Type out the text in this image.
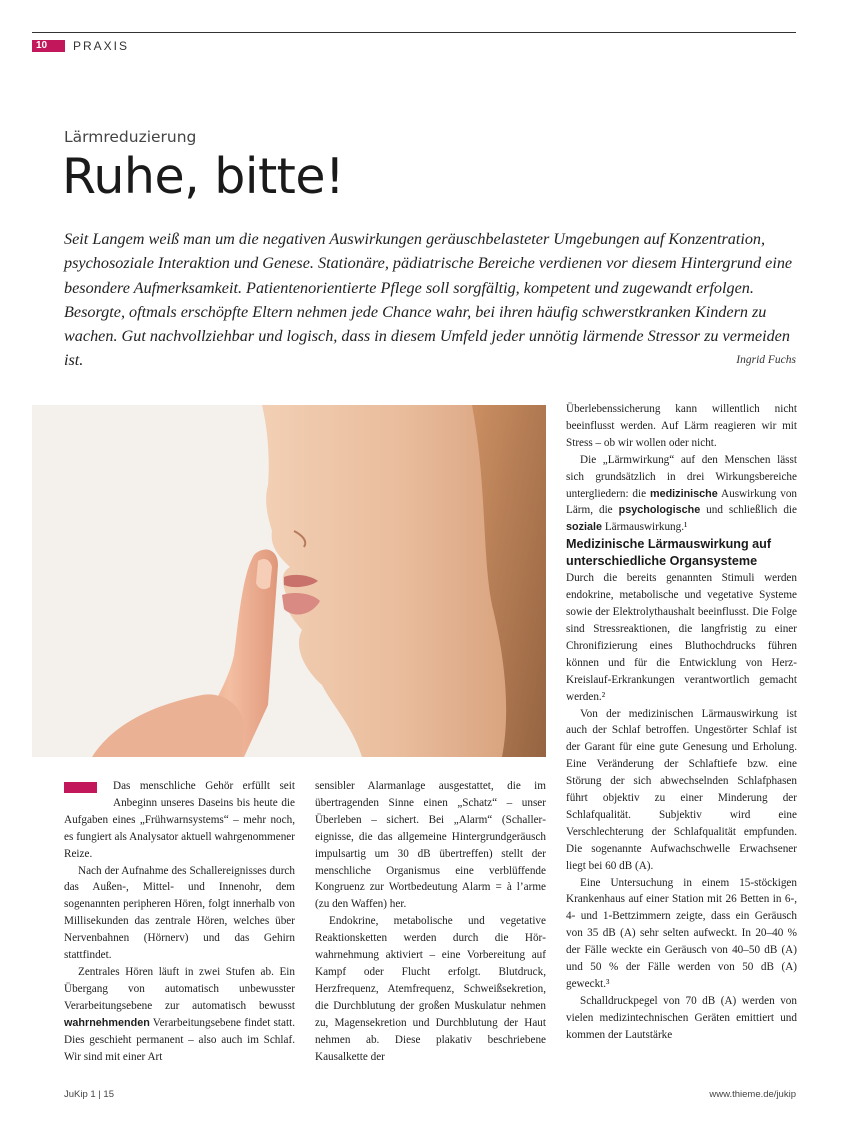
10	PRAXIS
Lärmreduzierung
Ruhe, bitte!
Seit Langem weiß man um die negativen Auswirkungen geräuschbelasteter Umgebungen auf Konzentration, psychosoziale Interaktion und Genese. Stationäre, pädiatrische Bereiche verdienen vor diesem Hintergrund eine besondere Aufmerksamkeit. Patientenorientierte Pflege soll sorgfältig, kompetent und zugewandt erfolgen. Besorgte, oftmals erschöpfte Eltern nehmen jede Chance wahr, bei ihren häufig schwerstkranken Kindern zu wachen. Gut nachvollziehbar und logisch, dass in diesem Umfeld jeder unnötig lärmende Stressor zu vermeiden ist.	Ingrid Fuchs

Das menschliche Gehör erfüllt seit Anbeginn unseres Daseins bis heute die Aufgaben eines „Frühwarnsystems“ – mehr noch, es fungiert als Analysator aktuell wahrgenommener Reize.

Nach der Aufnahme des Schallereignisses durch das Außen-, Mittel- und Innenohr, dem sogenannten peripheren Hören, folgt innerhalb von Millisekunden das zentrale Hören, welches über Nervenbahnen (Hörnerv) und das Gehirn stattfindet.

Zentrales Hören läuft in zwei Stufen ab. Ein Übergang von automatisch unbewusster Verarbeitungsebene zur automatisch bewusst wahrnehmenden Verarbeitungsebene findet statt. Dies geschieht permanent – also auch im Schlaf. Wir sind mit einer Art

sensibler Alarmanlage ausgestattet, die im übertragenden Sinne einen „Schatz“ – unser Überleben – sichert. Bei „Alarm“ (Schallereignisse, die das allgemeine Hintergrundgeräusch impulsartig um 30 dB übertreffen) stellt der menschliche Organismus eine verblüffende Kongruenz zur Wortbedeutung Alarm = à l’arme (zu den Waffen) her.

Endokrine, metabolische und vegetative Reaktionsketten werden durch die Hörwahrnehmung aktiviert – eine Vorbereitung auf Kampf oder Flucht erfolgt. Blutdruck, Herzfrequenz, Atemfrequenz, Schweißsekretion, die Durchblutung der großen Muskulatur nehmen zu, Magensekretion und Durchblutung der Haut nehmen ab. Diese plakativ beschriebene Kausalkette der

Überlebenssicherung kann willentlich nicht beeinflusst werden. Auf Lärm reagieren wir mit Stress – ob wir wollen oder nicht.

Die „Lärmwirkung“ auf den Menschen lässt sich grundsätzlich in drei Wirkungsbereiche untergliedern: die medizinische Auswirkung von Lärm, die psychologische und schließlich die soziale Lärmauswirkung.¹

Medizinische Lärmauswirkung auf unterschiedliche Organsysteme

Durch die bereits genannten Stimuli werden endokrine, metabolische und vegetative Systeme sowie der Elektrolythaushalt beeinflusst. Die Folge sind Stressreaktionen, die langfristig zu einer Chronifizierung eines Bluthochdrucks führen können und für die Entwicklung von Herz-Kreislauf-Erkrankungen verantwortlich gemacht werden.²

Von der medizinischen Lärmauswirkung ist auch der Schlaf betroffen. Ungestörter Schlaf ist der Garant für eine gute Genesung und Erholung. Eine Veränderung der Schlaftiefe bzw. eine Störung der sich abwechselnden Schlafphasen führt objektiv zu einer Minderung der Schlafqualität. Subjektiv wird eine Verschlechterung der Schlafqualität empfunden. Die sogenannte Aufwachschwelle Erwachsener liegt bei 60 dB (A).

Eine Untersuchung in einem 15-stöckigen Krankenhaus auf einer Station mit 26 Betten in 6-, 4- und 1-Bettzimmern zeigte, dass ein Geräusch von 35 dB (A) sehr selten aufweckt. In 20–40 % der Fälle weckte ein Geräusch von 40–50 dB (A) und 50 % der Fälle werden von 50 dB (A) geweckt.³

Schalldruckpegel von 70 dB (A) werden von vielen medizintechnischen Geräten emittiert und kommen der Lautstärke

JuKip 1 | 15	www.thieme.de/jukip
